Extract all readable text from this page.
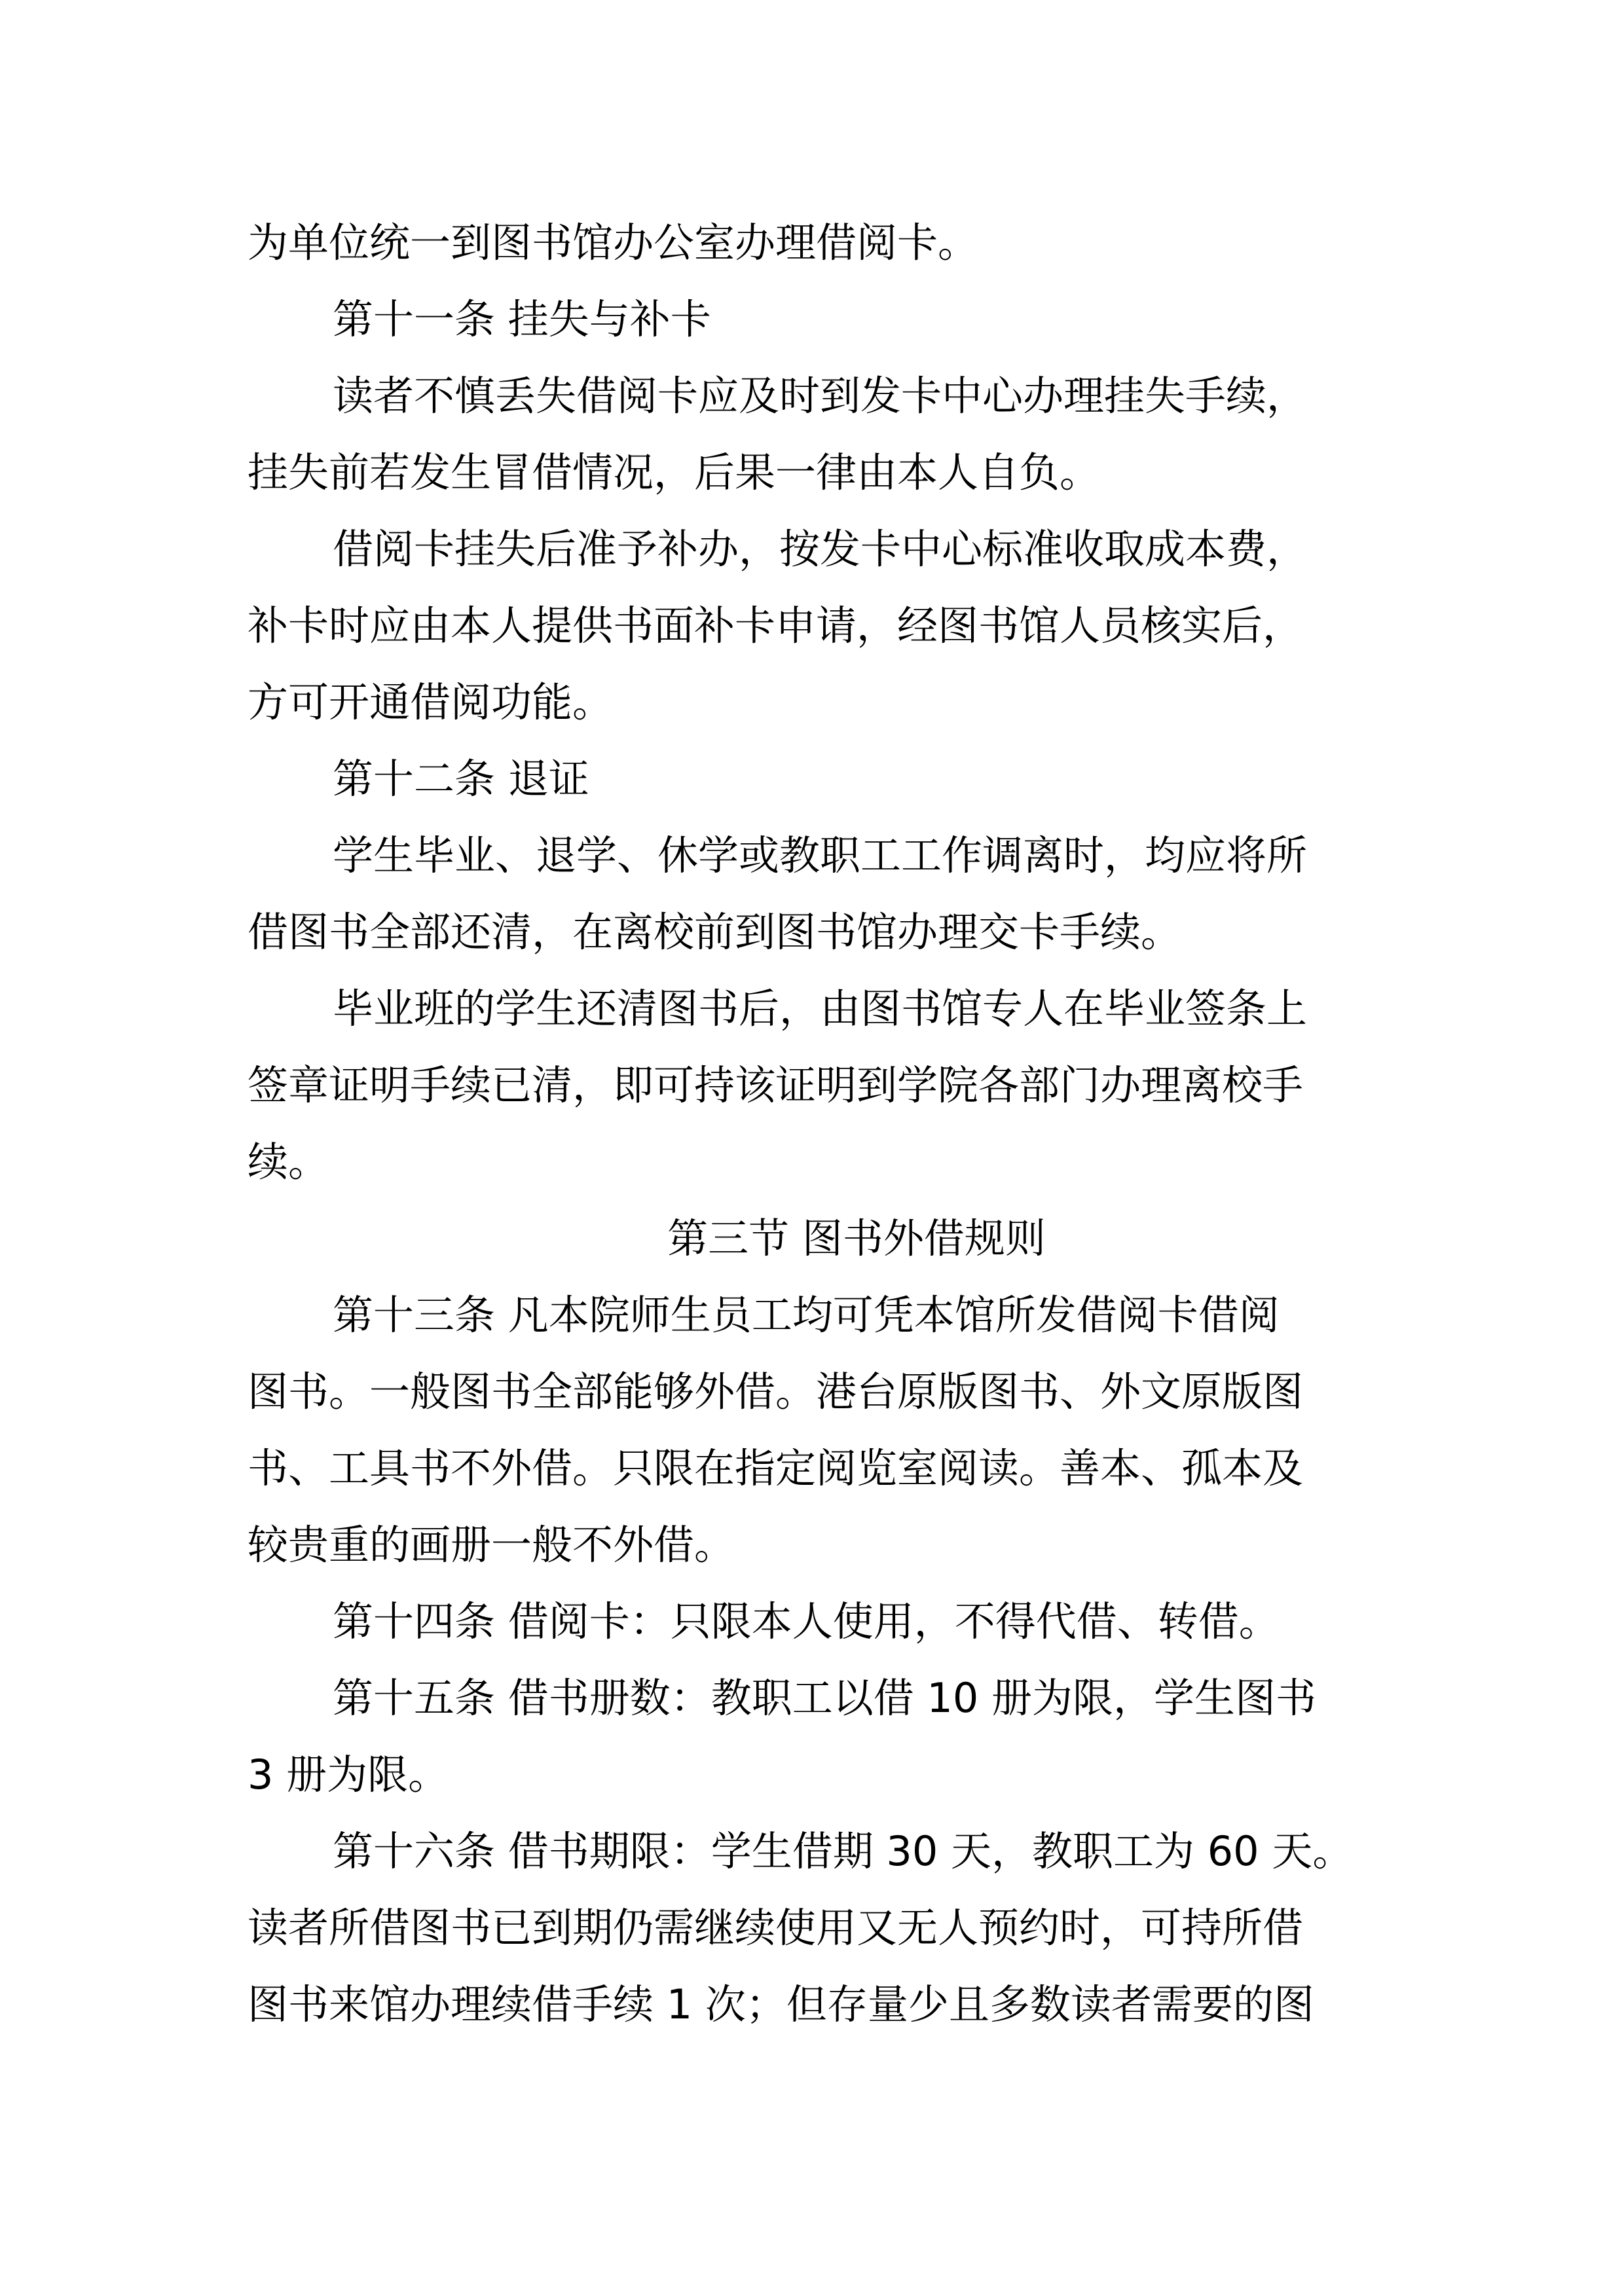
为单位统一到图书馆办公室办理借阅卡。
第十一条 挂失与补卡
读者不慎丢失借阅卡应及时到发卡中心办理挂失手续，
挂失前若发生冒借情况，后果一律由本人自负。
借阅卡挂失后准予补办，按发卡中心标准收取成本费，
补卡时应由本人提供书面补卡申请，经图书馆人员核实后，
方可开通借阅功能。
第十二条 退证
学生毕业、退学、休学或教职工工作调离时，均应将所
借图书全部还清，在离校前到图书馆办理交卡手续。
毕业班的学生还清图书后，由图书馆专人在毕业签条上
签章证明手续已清，即可持该证明到学院各部门办理离校手
续。
第三节 图书外借规则
第十三条 凡本院师生员工均可凭本馆所发借阅卡借阅
图书。一般图书全部能够外借。港台原版图书、外文原版图
书、工具书不外借。只限在指定阅览室阅读。善本、孤本及
较贵重的画册一般不外借。
第十四条 借阅卡：只限本人使用，不得代借、转借。
第十五条 借书册数：教职工以借 10 册为限，学生图书
3 册为限。
第十六条 借书期限：学生借期 30 天，教职工为 60 天。
读者所借图书已到期仍需继续使用又无人预约时，可持所借
图书来馆办理续借手续 1 次；但存量少且多数读者需要的图
